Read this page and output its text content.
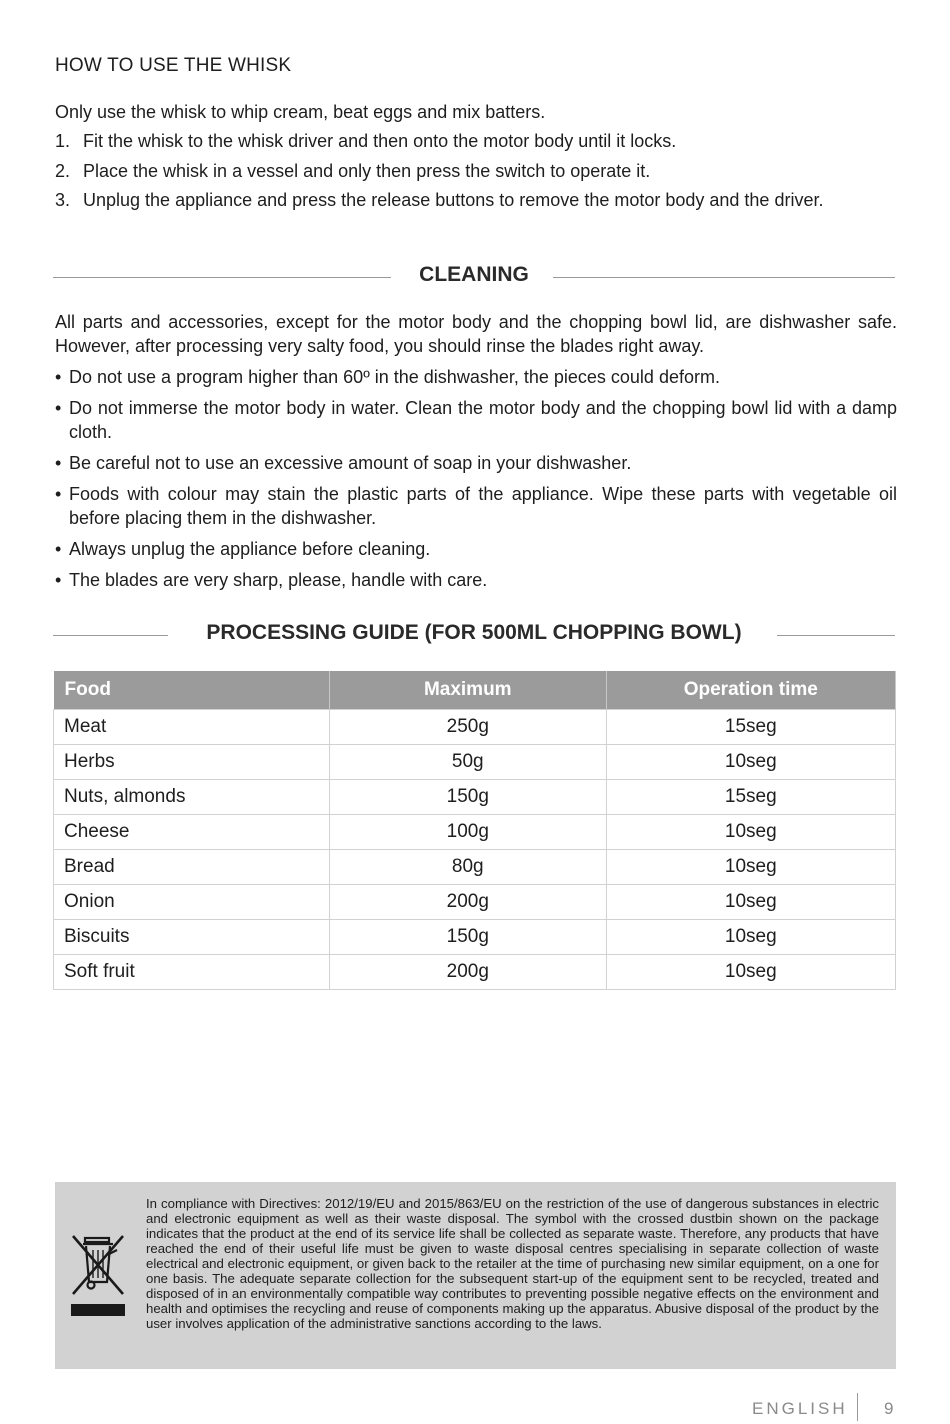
HOW TO USE THE WHISK
Only use the whisk to whip cream, beat eggs and mix batters.
1. Fit the whisk to the whisk driver and then onto the motor body until it locks.
2. Place the whisk in a vessel and only then press the switch to operate it.
3. Unplug the appliance and press the release buttons to remove the motor body and the driver.
CLEANING
All parts and accessories, except for the motor body and the chopping bowl lid, are dishwasher safe. However, after processing very salty food, you should rinse the blades right away.
• Do not use a program higher than 60º in the dishwasher, the pieces could deform.
• Do not immerse the motor body in water. Clean the motor body and the chopping bowl lid with a damp cloth.
• Be careful not to use an excessive amount of soap in your dishwasher.
• Foods with colour may stain the plastic parts of the appliance. Wipe these parts with vegetable oil before placing them in the dishwasher.
• Always unplug the appliance before cleaning.
• The blades are very sharp, please, handle with care.
PROCESSING GUIDE (FOR 500ML CHOPPING BOWL)
Food	Maximum	Operation time
Meat	250g	15seg
Herbs	50g	10seg
Nuts, almonds	150g	15seg
Cheese	100g	10seg
Bread	80g	10seg
Onion	200g	10seg
Biscuits	150g	10seg
Soft fruit	200g	10seg
In compliance with Directives: 2012/19/EU and 2015/863/EU on the restriction of the use of dangerous substances in electric and electronic equipment as well as their waste disposal. The symbol with the crossed dustbin shown on the package indicates that the product at the end of its service life shall be collected as separate waste. Therefore, any products that have reached the end of their useful life must be given to waste disposal centres specialising in separate collection of waste electrical and electronic equipment, or given back to the retailer at the time of purchasing new similar equipment, on a one for one basis. The adequate separate collection for the subsequent start-up of the equipment sent to be recycled, treated and disposed of in an environmentally compatible way contributes to preventing possible negative effects on the environment and health and optimises the recycling and reuse of components making up the apparatus. Abusive disposal of the product by the user involves application of the administrative sanctions according to the laws.
ENGLISH 9
